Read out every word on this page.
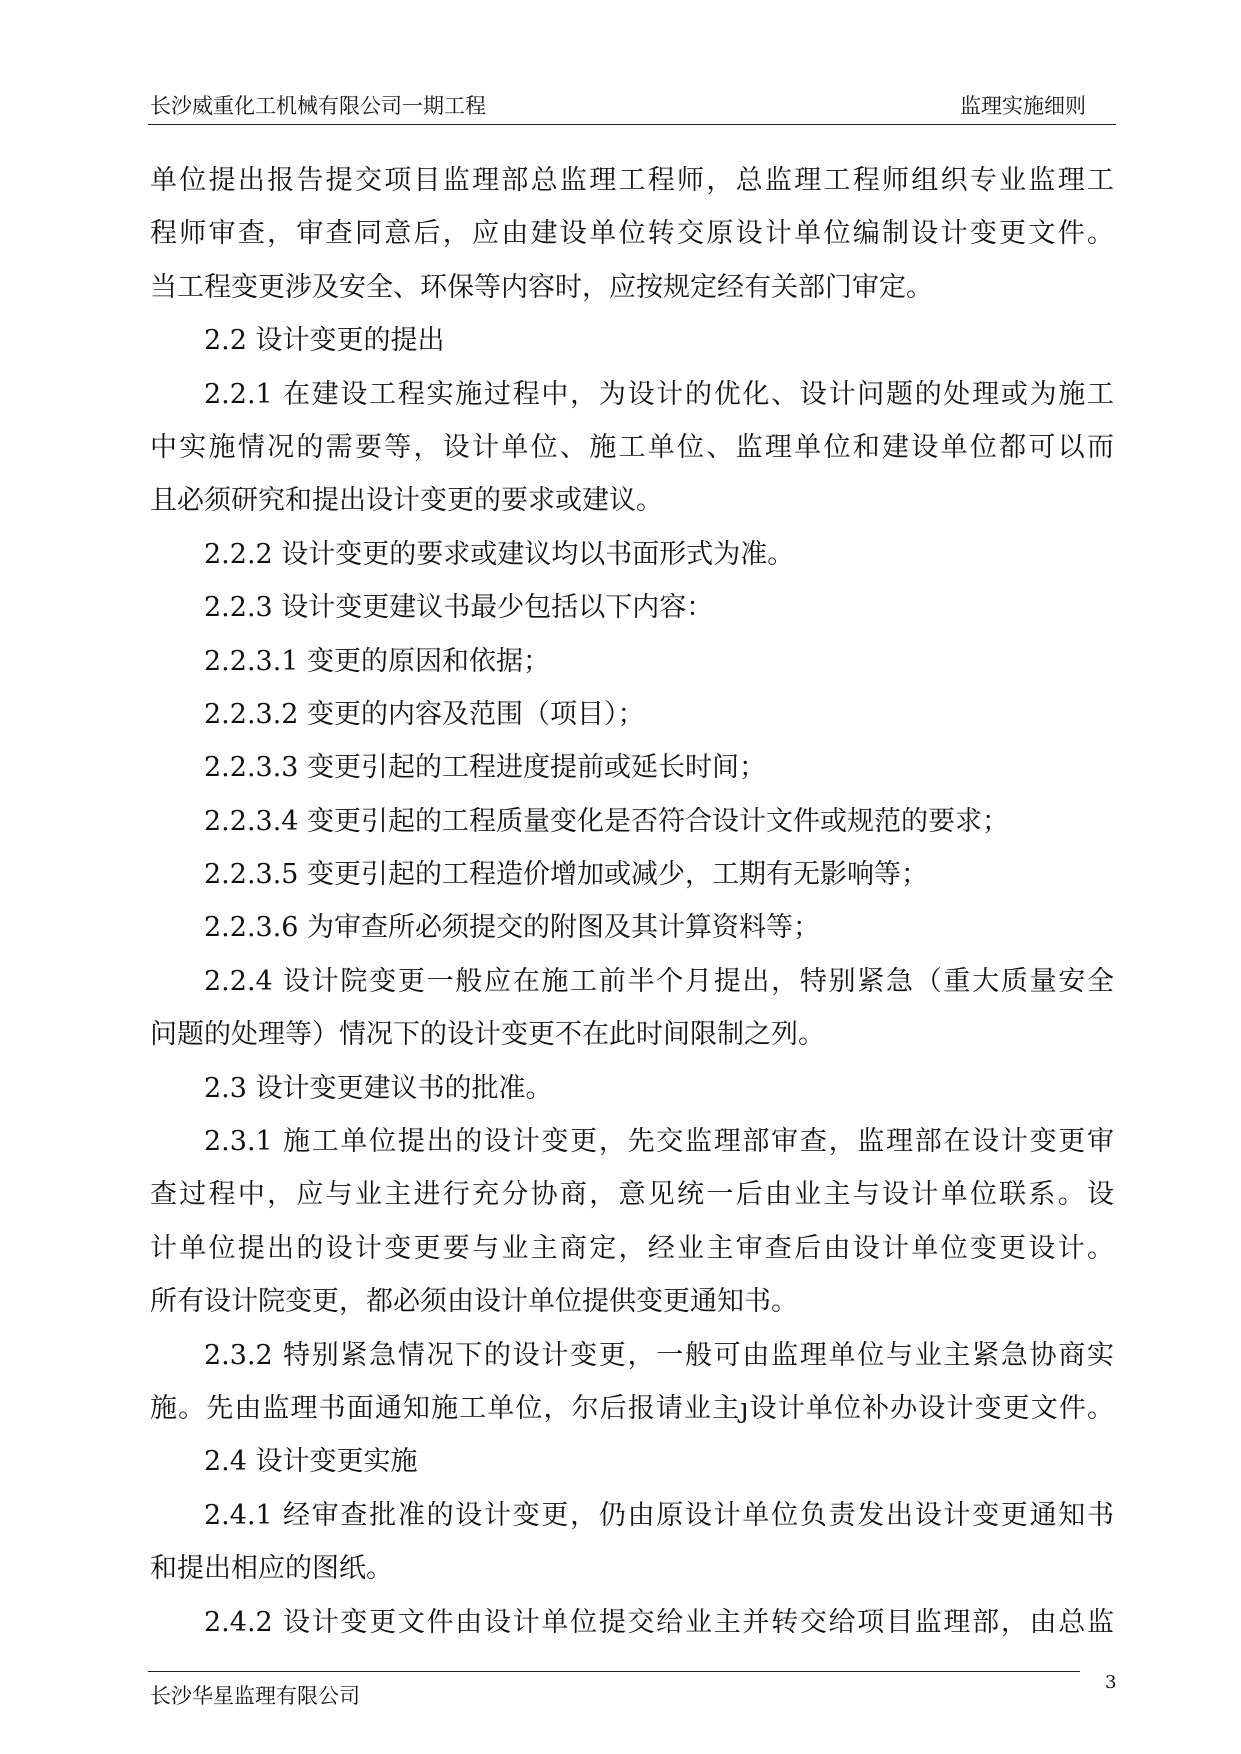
长沙威重化工机械有限公司一期工程	监理实施细则
单位提出报告提交项目监理部总监理工程师，总监理工程师组织专业监理工
程师审查，审查同意后，应由建设单位转交原设计单位编制设计变更文件。
当工程变更涉及安全、环保等内容时，应按规定经有关部门审定。
2.2 设计变更的提出
2.2.1 在建设工程实施过程中，为设计的优化、设计问题的处理或为施工
中实施情况的需要等，设计单位、施工单位、监理单位和建设单位都可以而
且必须研究和提出设计变更的要求或建议。
2.2.2 设计变更的要求或建议均以书面形式为准。
2.2.3 设计变更建议书最少包括以下内容：
2.2.3.1 变更的原因和依据；
2.2.3.2 变更的内容及范围（项目）；
2.2.3.3 变更引起的工程进度提前或延长时间；
2.2.3.4 变更引起的工程质量变化是否符合设计文件或规范的要求；
2.2.3.5 变更引起的工程造价增加或减少，工期有无影响等；
2.2.3.6 为审查所必须提交的附图及其计算资料等；
2.2.4 设计院变更一般应在施工前半个月提出，特别紧急（重大质量安全
问题的处理等）情况下的设计变更不在此时间限制之列。
2.3 设计变更建议书的批准。
2.3.1 施工单位提出的设计变更，先交监理部审查，监理部在设计变更审
查过程中，应与业主进行充分协商，意见统一后由业主与设计单位联系。设
计单位提出的设计变更要与业主商定，经业主审查后由设计单位变更设计。
所有设计院变更，都必须由设计单位提供变更通知书。
2.3.2 特别紧急情况下的设计变更，一般可由监理单位与业主紧急协商实
施。先由监理书面通知施工单位，尔后报请业主ȷ设计单位补办设计变更文件。
2.4 设计变更实施
2.4.1 经审查批准的设计变更，仍由原设计单位负责发出设计变更通知书
和提出相应的图纸。
2.4.2 设计变更文件由设计单位提交给业主并转交给项目监理部，由总监
长沙华星监理有限公司
3
